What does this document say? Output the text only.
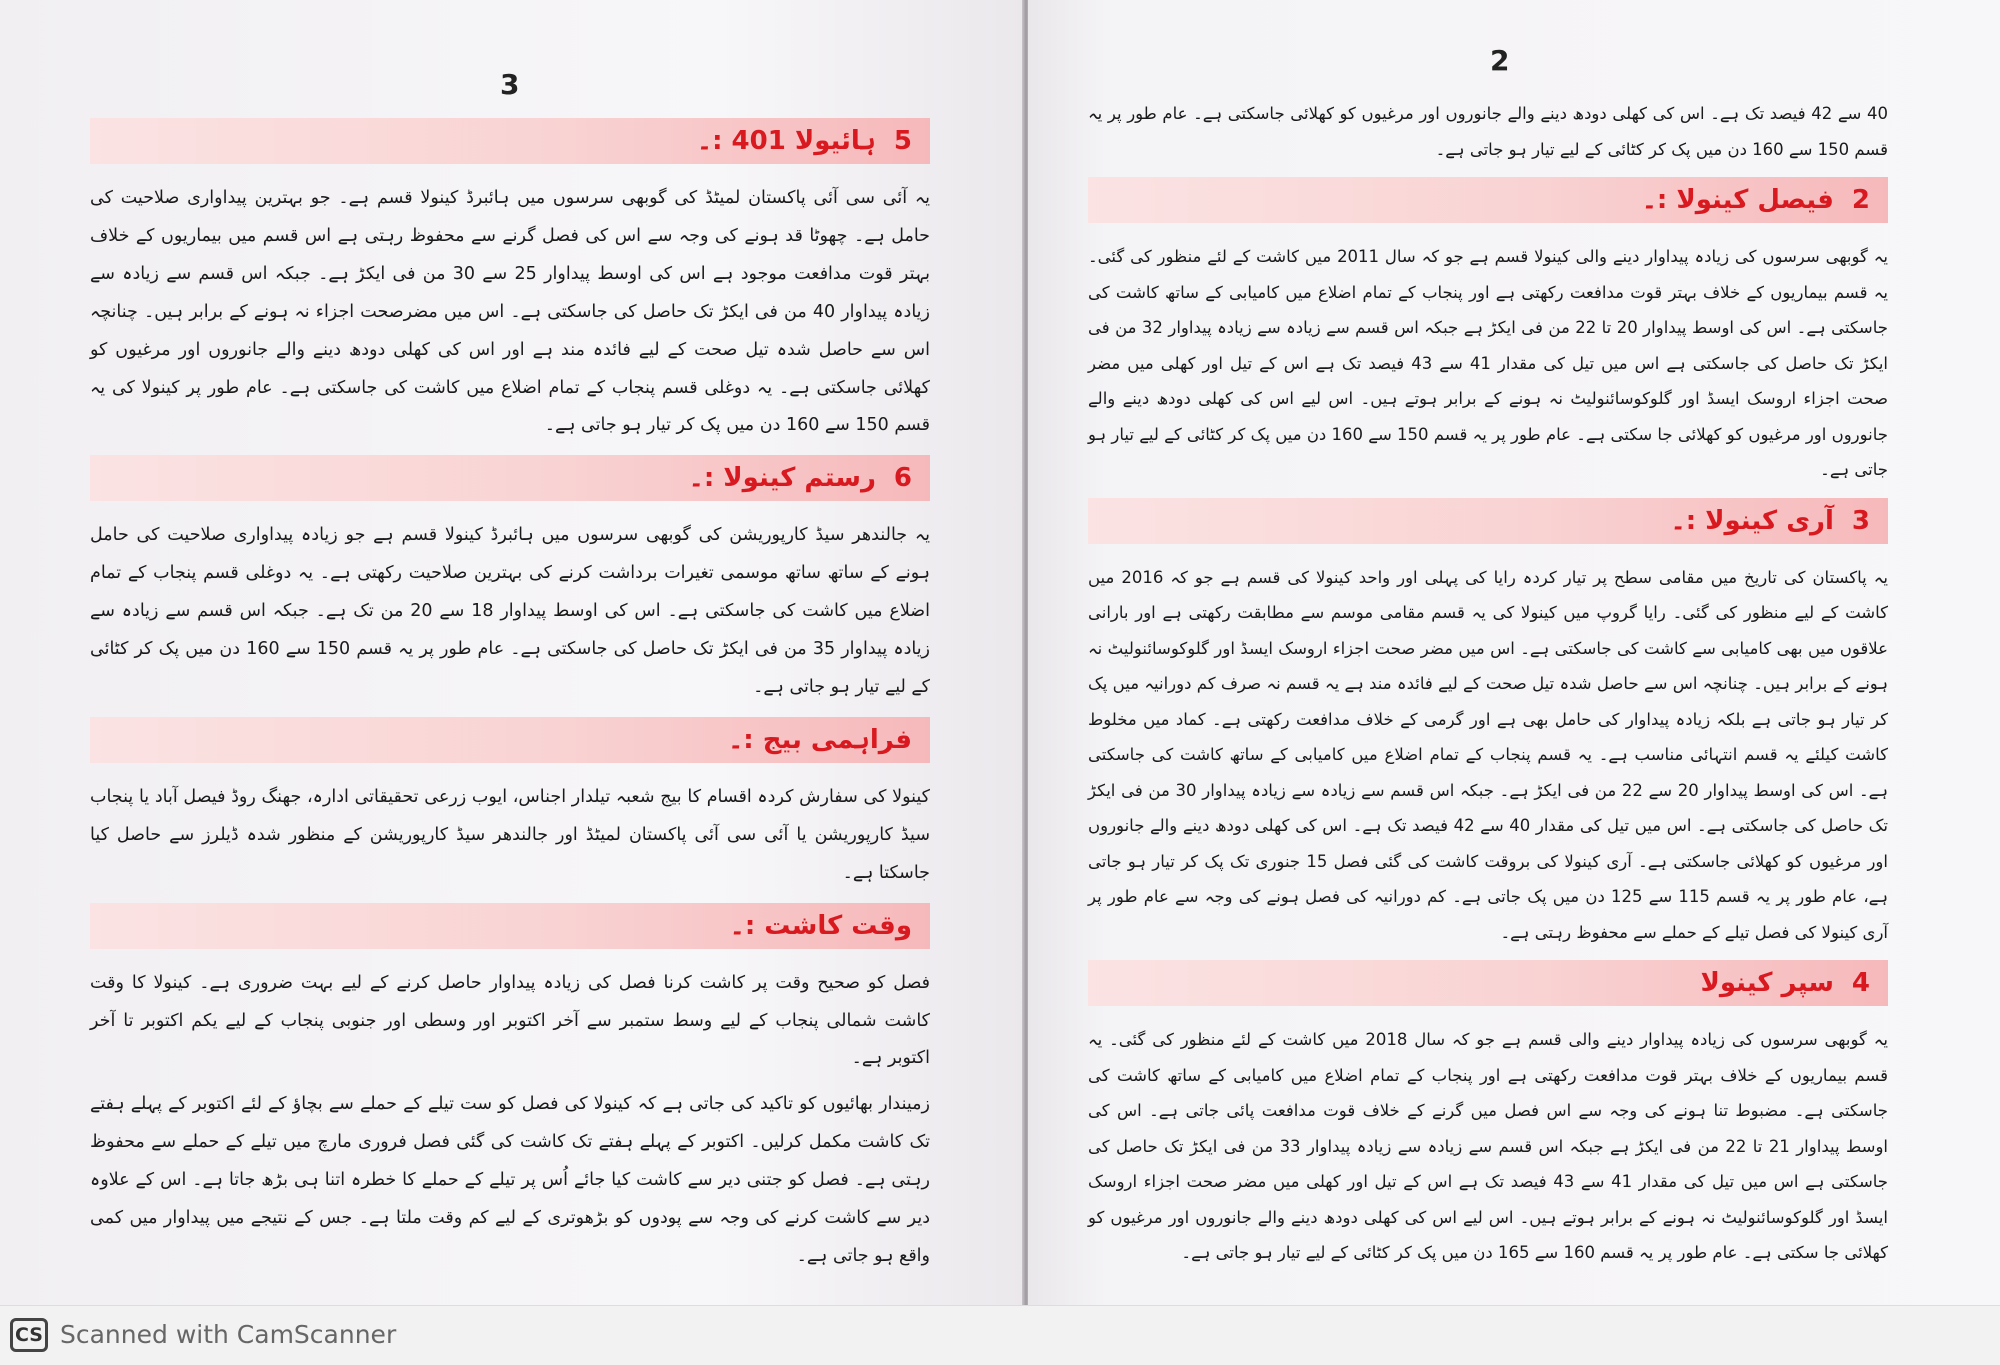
3
5ہائیولا 401 :۔

یہ آئی سی آئی پاکستان لمیٹڈ کی گوبھی سرسوں میں ہائبرڈ کینولا قسم ہے۔ جو بہترین پیداواری صلاحیت کی حامل ہے۔ چھوٹا قد ہونے کی وجہ سے اس کی فصل گرنے سے محفوظ رہتی ہے اس قسم میں بیماریوں کے خلاف بہتر قوت مدافعت موجود ہے اس کی اوسط پیداوار 25 سے 30 من فی ایکڑ ہے۔ جبکہ اس قسم سے زیادہ سے زیادہ پیداوار 40 من فی ایکڑ تک حاصل کی جاسکتی ہے۔ اس میں مضرصحت اجزاء نہ ہونے کے برابر ہیں۔ چنانچہ اس سے حاصل شدہ تیل صحت کے لیے فائدہ مند ہے اور اس کی کھلی دودھ دینے والے جانوروں اور مرغیوں کو کھلائی جاسکتی ہے۔ یہ دوغلی قسم پنجاب کے تمام اضلاع میں کاشت کی جاسکتی ہے۔ عام طور پر کینولا کی یہ قسم 150 سے 160 دن میں پک کر تیار ہو جاتی ہے۔

6رستم کینولا :۔

یہ جالندھر سیڈ کارپوریشن کی گوبھی سرسوں میں ہائبرڈ کینولا قسم ہے جو زیادہ پیداواری صلاحیت کی حامل ہونے کے ساتھ ساتھ موسمی تغیرات برداشت کرنے کی بہترین صلاحیت رکھتی ہے۔ یہ دوغلی قسم پنجاب کے تمام اضلاع میں کاشت کی جاسکتی ہے۔ اس کی اوسط پیداوار 18 سے 20 من تک ہے۔ جبکہ اس قسم سے زیادہ سے زیادہ پیداوار 35 من فی ایکڑ تک حاصل کی جاسکتی ہے۔ عام طور پر یہ قسم 150 سے 160 دن میں پک کر کٹائی کے لیے تیار ہو جاتی ہے۔

فراہمی بیج :۔

کینولا کی سفارش کردہ اقسام کا بیج شعبہ تیلدار اجناس، ایوب زرعی تحقیقاتی ادارہ، جھنگ روڈ فیصل آباد یا پنجاب سیڈ کارپوریشن یا آئی سی آئی پاکستان لمیٹڈ اور جالندھر سیڈ کارپوریشن کے منظور شدہ ڈیلرز سے حاصل کیا جاسکتا ہے۔

وقت کاشت :۔

فصل کو صحیح وقت پر کاشت کرنا فصل کی زیادہ پیداوار حاصل کرنے کے لیے بہت ضروری ہے۔ کینولا کا وقت کاشت شمالی پنجاب کے لیے وسط ستمبر سے آخر اکتوبر اور وسطی اور جنوبی پنجاب کے لیے یکم اکتوبر تا آخر اکتوبر ہے۔

زمیندار بھائیوں کو تاکید کی جاتی ہے کہ کینولا کی فصل کو ست تیلے کے حملے سے بچاؤ کے لئے اکتوبر کے پہلے ہفتے تک کاشت مکمل کرلیں۔ اکتوبر کے پہلے ہفتے تک کاشت کی گئی فصل فروری مارچ میں تیلے کے حملے سے محفوظ رہتی ہے۔ فصل کو جتنی دیر سے کاشت کیا جائے اُس پر تیلے کے حملے کا خطرہ اتنا ہی بڑھ جاتا ہے۔ اس کے علاوہ دیر سے کاشت کرنے کی وجہ سے پودوں کو بڑھوتری کے لیے کم وقت ملتا ہے۔ جس کے نتیجے میں پیداوار میں کمی واقع ہو جاتی ہے۔

2

40 سے 42 فیصد تک ہے۔ اس کی کھلی دودھ دینے والے جانوروں اور مرغیوں کو کھلائی جاسکتی ہے۔ عام طور پر یہ قسم 150 سے 160 دن میں پک کر کٹائی کے لیے تیار ہو جاتی ہے۔

2فیصل کینولا :۔

یہ گوبھی سرسوں کی زیادہ پیداوار دینے والی کینولا قسم ہے جو کہ سال 2011 میں کاشت کے لئے منظور کی گئی۔ یہ قسم بیماریوں کے خلاف بہتر قوت مدافعت رکھتی ہے اور پنجاب کے تمام اضلاع میں کامیابی کے ساتھ کاشت کی جاسکتی ہے۔ اس کی اوسط پیداوار 20 تا 22 من فی ایکڑ ہے جبکہ اس قسم سے زیادہ سے زیادہ پیداوار 32 من فی ایکڑ تک حاصل کی جاسکتی ہے اس میں تیل کی مقدار 41 سے 43 فیصد تک ہے اس کے تیل اور کھلی میں مضر صحت اجزاء اروسک ایسڈ اور گلوکوسائنولیٹ نہ ہونے کے برابر ہوتے ہیں۔ اس لیے اس کی کھلی دودھ دینے والے جانوروں اور مرغیوں کو کھلائی جا سکتی ہے۔ عام طور پر یہ قسم 150 سے 160 دن میں پک کر کٹائی کے لیے تیار ہو جاتی ہے۔

3آری کینولا :۔

یہ پاکستان کی تاریخ میں مقامی سطح پر تیار کردہ رایا کی پہلی اور واحد کینولا کی قسم ہے جو کہ 2016 میں کاشت کے لیے منظور کی گئی۔ رایا گروپ میں کینولا کی یہ قسم مقامی موسم سے مطابقت رکھتی ہے اور بارانی علاقوں میں بھی کامیابی سے کاشت کی جاسکتی ہے۔ اس میں مضر صحت اجزاء اروسک ایسڈ اور گلوکوسائنولیٹ نہ ہونے کے برابر ہیں۔ چنانچہ اس سے حاصل شدہ تیل صحت کے لیے فائدہ مند ہے یہ قسم نہ صرف کم دورانیہ میں پک کر تیار ہو جاتی ہے بلکہ زیادہ پیداوار کی حامل بھی ہے اور گرمی کے خلاف مدافعت رکھتی ہے۔ کماد میں مخلوط کاشت کیلئے یہ قسم انتہائی مناسب ہے۔ یہ قسم پنجاب کے تمام اضلاع میں کامیابی کے ساتھ کاشت کی جاسکتی ہے۔ اس کی اوسط پیداوار 20 سے 22 من فی ایکڑ ہے۔ جبکہ اس قسم سے زیادہ سے زیادہ پیداوار 30 من فی ایکڑ تک حاصل کی جاسکتی ہے۔ اس میں تیل کی مقدار 40 سے 42 فیصد تک ہے۔ اس کی کھلی دودھ دینے والے جانوروں اور مرغیوں کو کھلائی جاسکتی ہے۔ آری کینولا کی بروقت کاشت کی گئی فصل 15 جنوری تک پک کر تیار ہو جاتی ہے، عام طور پر یہ قسم 115 سے 125 دن میں پک جاتی ہے۔ کم دورانیہ کی فصل ہونے کی وجہ سے عام طور پر آری کینولا کی فصل تیلے کے حملے سے محفوظ رہتی ہے۔

4سپر کینولا

یہ گوبھی سرسوں کی زیادہ پیداوار دینے والی قسم ہے جو کہ سال 2018 میں کاشت کے لئے منظور کی گئی۔ یہ قسم بیماریوں کے خلاف بہتر قوت مدافعت رکھتی ہے اور پنجاب کے تمام اضلاع میں کامیابی کے ساتھ کاشت کی جاسکتی ہے۔ مضبوط تنا ہونے کی وجہ سے اس فصل میں گرنے کے خلاف قوت مدافعت پائی جاتی ہے۔ اس کی اوسط پیداوار 21 تا 22 من فی ایکڑ ہے جبکہ اس قسم سے زیادہ سے زیادہ پیداوار 33 من فی ایکڑ تک حاصل کی جاسکتی ہے اس میں تیل کی مقدار 41 سے 43 فیصد تک ہے اس کے تیل اور کھلی میں مضر صحت اجزاء اروسک ایسڈ اور گلوکوسائنولیٹ نہ ہونے کے برابر ہوتے ہیں۔ اس لیے اس کی کھلی دودھ دینے والے جانوروں اور مرغیوں کو کھلائی جا سکتی ہے۔ عام طور پر یہ قسم 160 سے 165 دن میں پک کر کٹائی کے لیے تیار ہو جاتی ہے۔

CS Scanned with CamScanner
